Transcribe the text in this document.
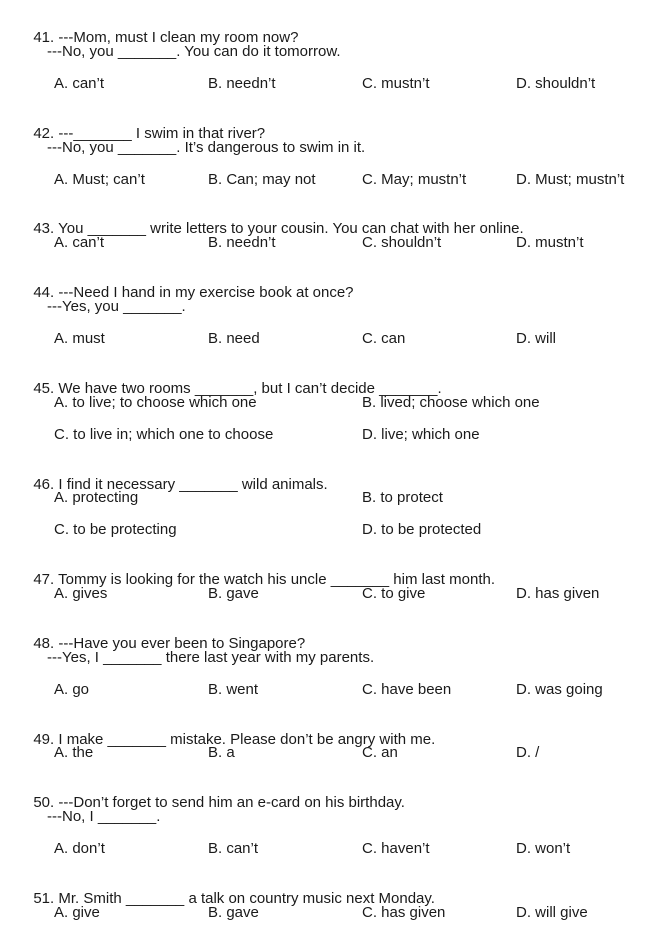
41. ---Mom, must I clean my room now?

---No, you _______. You can do it tomorrow.
A. can’t	B. needn’t	C. mustn’t	D. shouldn’t

42. ---_______ I swim in that river?

---No, you _______. It’s dangerous to swim in it.
A. Must; can’t	B. Can; may not	C. May; mustn’t	D. Must; mustn’t

43. You _______ write letters to your cousin. You can chat with her online.

A. can’t	B. needn’t	C. shouldn’t	D. mustn’t

44. ---Need I hand in my exercise book at once?

---Yes, you _______.
A. must	B. need	C. can	D. will

45. We have two rooms _______, but I can’t decide _______.

A. to live; to choose which one	B. lived; choose which one
C. to live in; which one to choose	D. live; which one

46. I find it necessary _______ wild animals.

A. protecting	B. to protect
C. to be protecting	D. to be protected

47. Tommy is looking for the watch his uncle _______ him last month.

A. gives	B. gave	C. to give	D. has given

48. ---Have you ever been to Singapore?

---Yes, I _______ there last year with my parents.
A. go	B. went	C. have been	D. was going

49. I make _______ mistake. Please don’t be angry with me.

A. the	B. a	C. an	D. /

50. ---Don’t forget to send him an e-card on his birthday.

---No, I _______.
A. don’t	B. can’t	C. haven’t	D. won’t

51. Mr. Smith _______ a talk on country music next Monday.

A. give	B. gave	C. has given	D. will give
